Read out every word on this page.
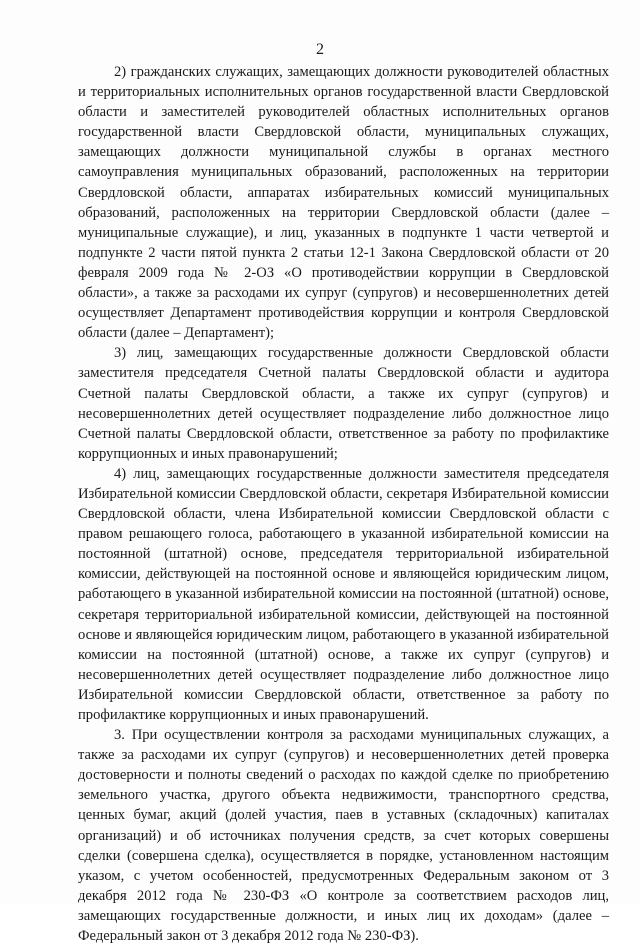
2

2) гражданских служащих, замещающих должности руководителей областных и территориальных исполнительных органов государственной власти Свердловской области и заместителей руководителей областных исполнительных органов государственной власти Свердловской области, муниципальных служащих, замещающих должности муниципальной службы в органах местного самоуправления муниципальных образований, расположенных на территории Свердловской области, аппаратах избирательных комиссий муниципальных образований, расположенных на территории Свердловской области (далее – муниципальные служащие), и лиц, указанных в подпункте 1 части четвертой и подпункте 2 части пятой пункта 2 статьи 12-1 Закона Свердловской области от 20 февраля 2009 года № 2-ОЗ «О противодействии коррупции в Свердловской области», а также за расходами их супруг (супругов) и несовершеннолетних детей осуществляет Департамент противодействия коррупции и контроля Свердловской области (далее – Департамент);

3) лиц, замещающих государственные должности Свердловской области заместителя председателя Счетной палаты Свердловской области и аудитора Счетной палаты Свердловской области, а также их супруг (супругов) и несовершеннолетних детей осуществляет подразделение либо должностное лицо Счетной палаты Свердловской области, ответственное за работу по профилактике коррупционных и иных правонарушений;

4) лиц, замещающих государственные должности заместителя председателя Избирательной комиссии Свердловской области, секретаря Избирательной комиссии Свердловской области, члена Избирательной комиссии Свердловской области с правом решающего голоса, работающего в указанной избирательной комиссии на постоянной (штатной) основе, председателя территориальной избирательной комиссии, действующей на постоянной основе и являющейся юридическим лицом, работающего в указанной избирательной комиссии на постоянной (штатной) основе, секретаря территориальной избирательной комиссии, действующей на постоянной основе и являющейся юридическим лицом, работающего в указанной избирательной комиссии на постоянной (штатной) основе, а также их супруг (супругов) и несовершеннолетних детей осуществляет подразделение либо должностное лицо Избирательной комиссии Свердловской области, ответственное за работу по профилактике коррупционных и иных правонарушений.

3. При осуществлении контроля за расходами муниципальных служащих, а также за расходами их супруг (супругов) и несовершеннолетних детей проверка достоверности и полноты сведений о расходах по каждой сделке по приобретению земельного участка, другого объекта недвижимости, транспортного средства, ценных бумаг, акций (долей участия, паев в уставных (складочных) капиталах организаций) и об источниках получения средств, за счет которых совершены сделки (совершена сделка), осуществляется в порядке, установленном настоящим указом, с учетом особенностей, предусмотренных Федеральным законом от 3 декабря 2012 года № 230-ФЗ «О контроле за соответствием расходов лиц, замещающих государственные должности, и иных лиц их доходам» (далее – Федеральный закон от 3 декабря 2012 года № 230-ФЗ).
